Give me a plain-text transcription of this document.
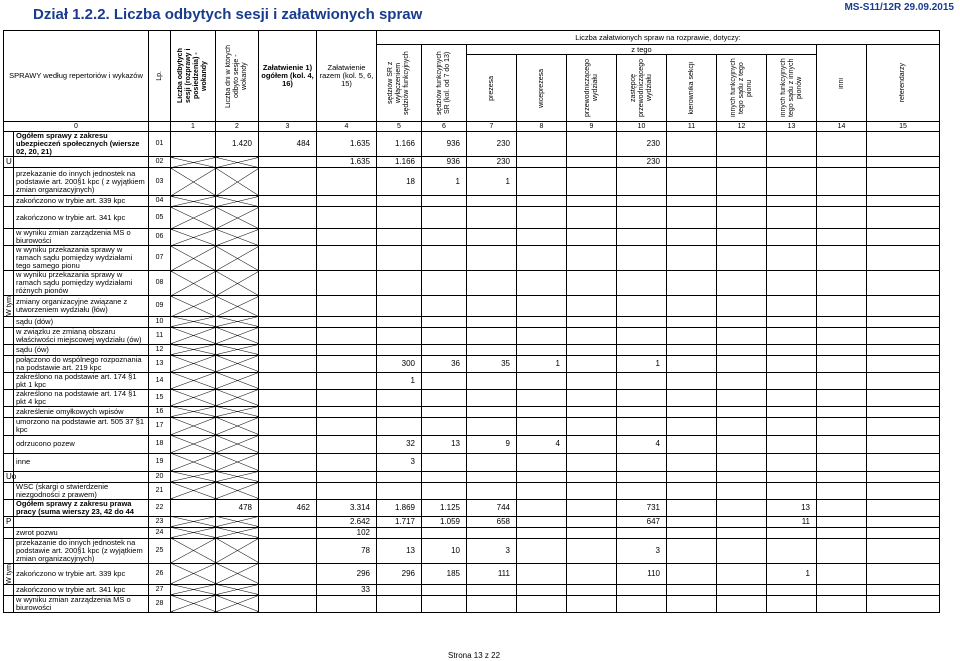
Dział 1.2.2. Liczba odbytych sesji i załatwionych spraw	MS-S11/12R 29.09.2015
SPRAWY według repertoriów i wykazów		Lp.	Liczba odbytych sesji (rozprawy i posiedzenia) - wokandy	Liczba dni w których odbyto sesje -wokandy	Załatwienie 1) ogółem (kol. 4, 16)	Załatwienie razem (kol. 5, 6, 15)	Liczba załatwionych spraw na rozprawie, dotyczy:										

							sędziów SR z wyłączeniem sędziów funkcyjnych	sędziów funkcyjnych SR (kol. od 7 do 13)	z tego							inni	referendarzy

									prezesa	wiceprezesa	przewodniczącego wydziału	zastępcę przewodniczącego wydziału	kierownika sekcji	innych funkcyjnych tego sądu z tego pionu	innych funkcyjnych tego sądu z innych pionów		

0			1	2	3	4	5	6	7	8	9	10	11	12	13	14	15
	Ogółem sprawy z zakresu ubezpieczeń społecznych (wiersze 02, 20, 21)	01		1.420	484	1.635	1.166	936	230			230					
U		02				1.635	1.166	936	230			230					
	przekazanie do innych jednostek na podstawie art. 200§1 kpc ( z wyjątkiem zmian organizacyjnych)	03					18	1	1								
	zakończono w trybie art. 339 kpc	04															
	zakończono w trybie art. 341 kpc	05															
	w wyniku zmian zarządzenia MS o biurowości	06															
	w wyniku przekazania sprawy w ramach sądu pomiędzy wydziałami tego samego pionu	07															
	w wyniku przekazania sprawy w ramach sądu pomiędzy wydziałami różnych pionów	08															

W tym	zmiany organizacyjne związane z utworzeniem wydziału (łów)	09															
	sądu (dów)	10															
	w związku ze zmianą obszaru właściwości miejscowej wydziału (ów)	11															
	sądu (ów)	12															
	połączono do wspólnego rozpoznania na podstawie art. 219 kpc	13					300	36	35	1		1					
	zakreślono na podstawie art. 174 §1 pkt 1 kpc	14					1										
	zakreślono na podstawie art. 174 §1 pkt 4 kpc	15															
	zakreślenie omyłkowych wpisów	16															
	umorzono na podstawie art. 505 37 §1 kpc	17															
	odrzucono pozew	18					32	13	9	4		4					
	inne	19					3										
Uo		20															
	WSC (skargi o stwierdzenie niezgodności z prawem)	21															
	Ogółem sprawy z zakresu prawa pracy (suma wierszy 23, 42 do 44	22		478	462	3.314	1.869	1.125	744			731			13		
P		23				2.642	1.717	1.059	658			647			11		
	zwrot pozwu	24				102											
	przekazanie do innych jednostek na podstawie art. 200§1 kpc (z wyjątkiem zmian organizacyjnych)	25				78	13	10	3			3					

W tym	zakończono w trybie art. 339 kpc	26				296	296	185	111			110			1		
	zakończono w trybie art. 341 kpc	27				33											
	w wyniku zmian zarządzenia MS o biurowości	28															
Strona 13 z 22
